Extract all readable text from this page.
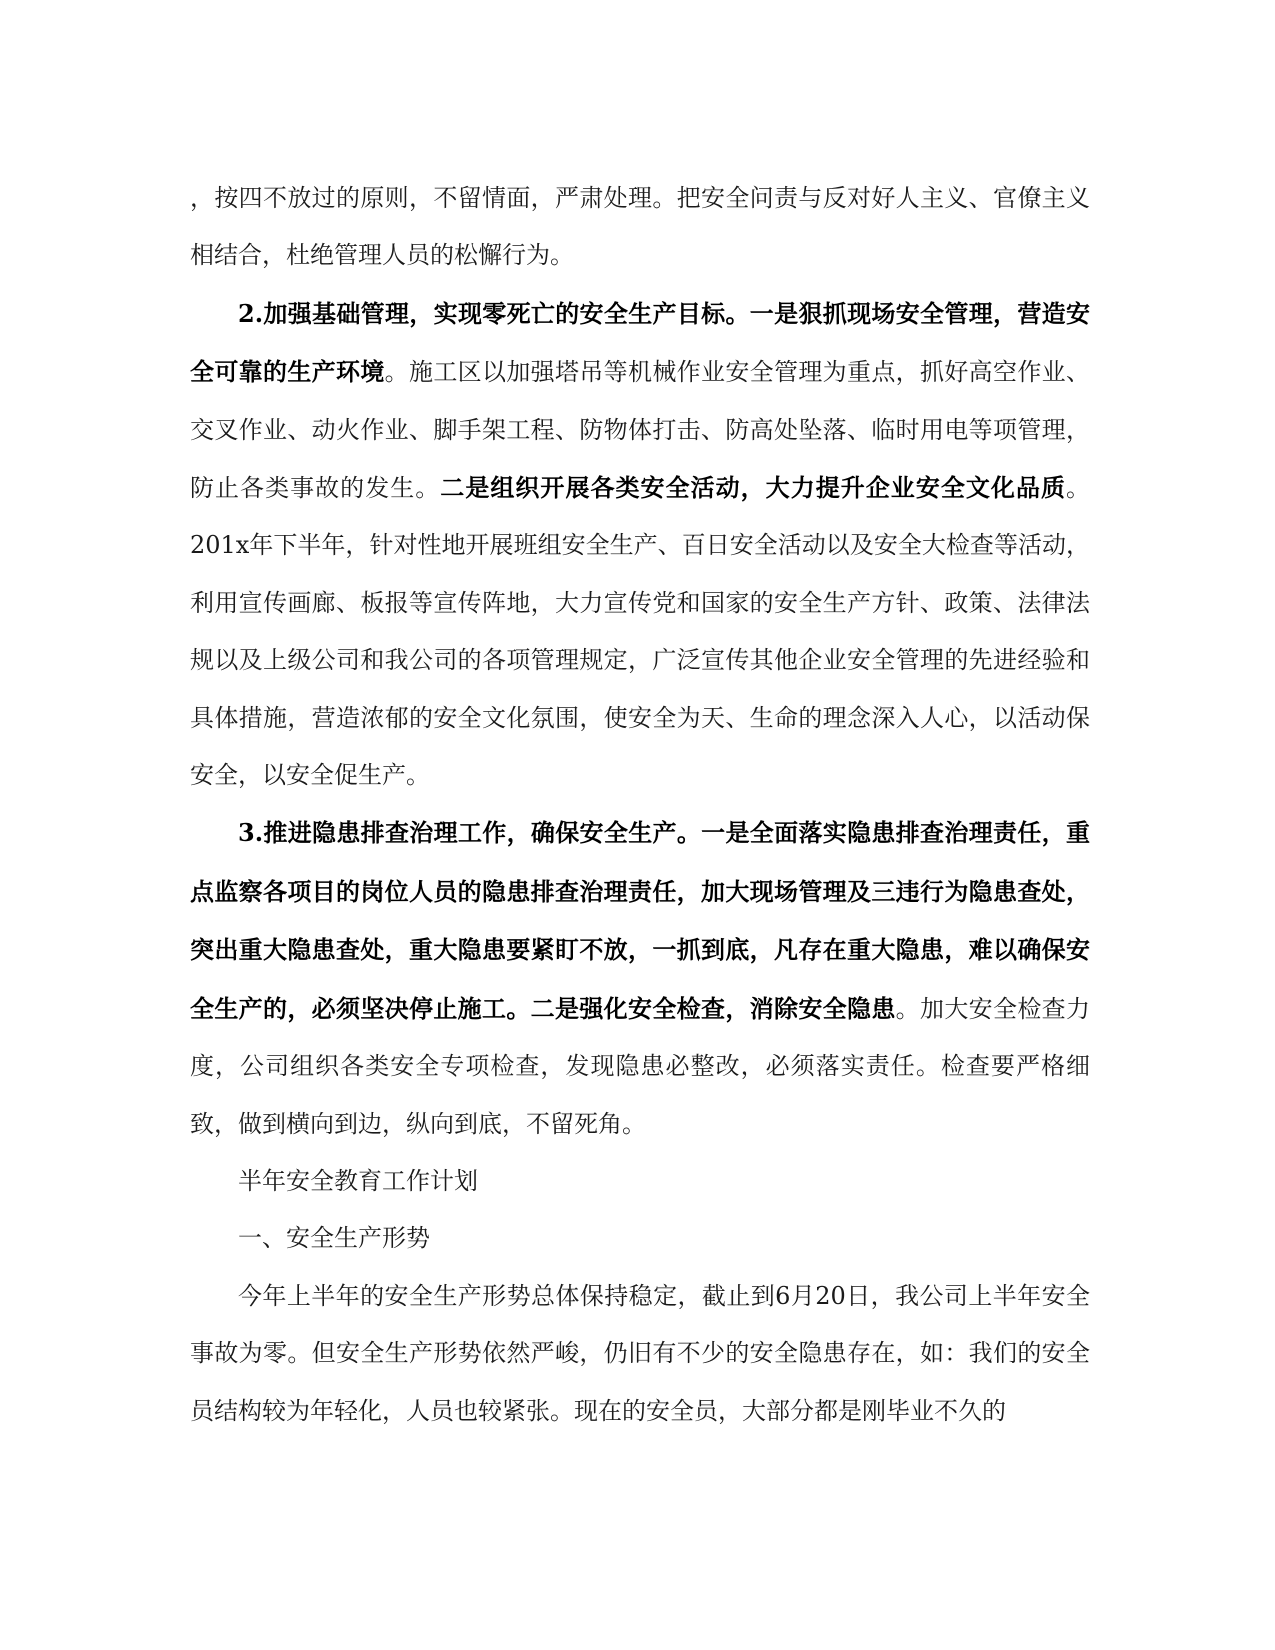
，按四不放过的原则，不留情面，严肃处理。把安全问责与反对好人主义、官僚主义相结合，杜绝管理人员的松懈行为。

2.加强基础管理，实现零死亡的安全生产目标。一是狠抓现场安全管理，营造安全可靠的生产环境。施工区以加强塔吊等机械作业安全管理为重点，抓好高空作业、交叉作业、动火作业、脚手架工程、防物体打击、防高处坠落、临时用电等项管理，防止各类事故的发生。二是组织开展各类安全活动，大力提升企业安全文化品质。201x年下半年，针对性地开展班组安全生产、百日安全活动以及安全大检查等活动，利用宣传画廊、板报等宣传阵地，大力宣传党和国家的安全生产方针、政策、法律法规以及上级公司和我公司的各项管理规定，广泛宣传其他企业安全管理的先进经验和具体措施，营造浓郁的安全文化氛围，使安全为天、生命的理念深入人心，以活动保安全，以安全促生产。

3.推进隐患排查治理工作，确保安全生产。一是全面落实隐患排查治理责任，重点监察各项目的岗位人员的隐患排查治理责任，加大现场管理及三违行为隐患查处，突出重大隐患查处，重大隐患要紧盯不放，一抓到底，凡存在重大隐患，难以确保安全生产的，必须坚决停止施工。二是强化安全检查，消除安全隐患。加大安全检查力度，公司组织各类安全专项检查，发现隐患必整改，必须落实责任。检查要严格细致，做到横向到边，纵向到底，不留死角。

半年安全教育工作计划

一、安全生产形势

今年上半年的安全生产形势总体保持稳定，截止到6月20日，我公司上半年安全事故为零。但安全生产形势依然严峻，仍旧有不少的安全隐患存在，如：我们的安全员结构较为年轻化，人员也较紧张。现在的安全员，大部分都是刚毕业不久的
